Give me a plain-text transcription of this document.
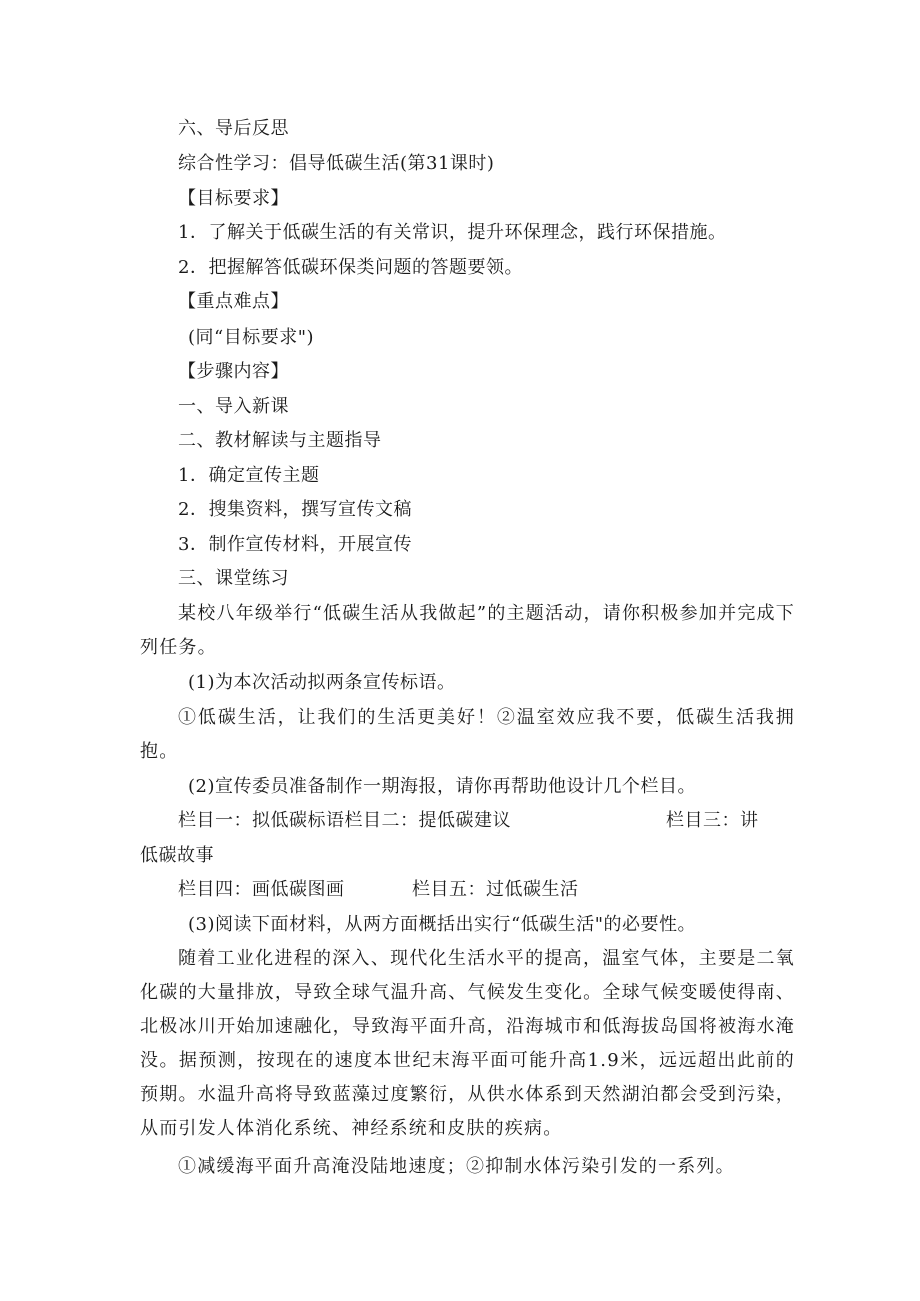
六、导后反思
综合性学习：倡导低碳生活(第31课时)
【目标要求】
1．了解关于低碳生活的有关常识，提升环保理念，践行环保措施。
2．把握解答低碳环保类问题的答题要领。
【重点难点】
(同“目标要求")
【步骤内容】
一、导入新课
二、教材解读与主题指导
1．确定宣传主题
2．搜集资料，撰写宣传文稿
3．制作宣传材料，开展宣传
三、课堂练习
某校八年级举行“低碳生活从我做起”的主题活动，请你积极参加并完成下列任务。
(1)为本次活动拟两条宣传标语。
①低碳生活，让我们的生活更美好！②温室效应我不要，低碳生活我拥抱。
(2)宣传委员准备制作一期海报，请你再帮助他设计几个栏目。
栏目一：拟低碳标语栏目二：提低碳建议	栏目三：讲
低碳故事
栏目四：画低碳图画	栏目五：过低碳生活
(3)阅读下面材料，从两方面概括出实行“低碳生活"的必要性。
随着工业化进程的深入、现代化生活水平的提高，温室气体，主要是二氧化碳的大量排放，导致全球气温升高、气候发生变化。全球气候变暖使得南、北极冰川开始加速融化，导致海平面升高，沿海城市和低海拔岛国将被海水淹没。据预测，按现在的速度本世纪末海平面可能升高1.9米，远远超出此前的预期。水温升高将导致蓝藻过度繁衍，从供水体系到天然湖泊都会受到污染，从而引发人体消化系统、神经系统和皮肤的疾病。
①减缓海平面升高淹没陆地速度；②抑制水体污染引发的一系列。
